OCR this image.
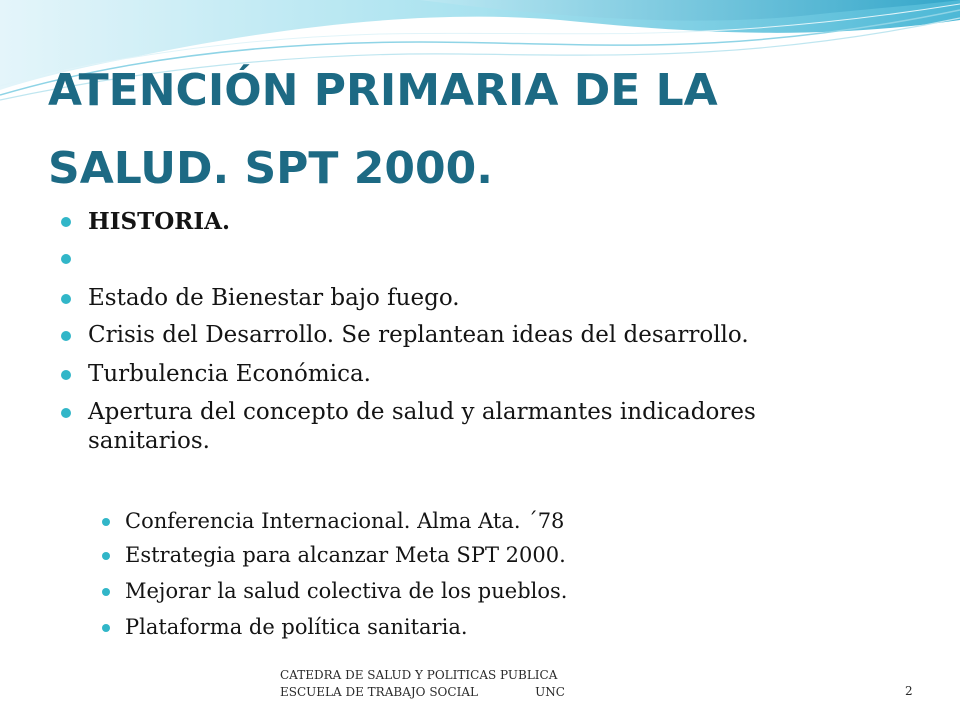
ATENCIÓN PRIMARIA DE LA
SALUD. SPT 2000.
HISTORIA.
Estado de Bienestar bajo fuego.
Crisis del Desarrollo. Se replantean ideas del desarrollo.
Turbulencia Económica.
Apertura del concepto de salud y alarmantes indicadores sanitarios.
Conferencia Internacional. Alma Ata. ´78
Estrategia para alcanzar Meta SPT 2000.
Mejorar la salud colectiva de los pueblos.
Plataforma de política sanitaria.
CATEDRA DE SALUD Y POLITICAS PUBLICA
ESCUELA DE TRABAJO SOCIAL               UNC	2
